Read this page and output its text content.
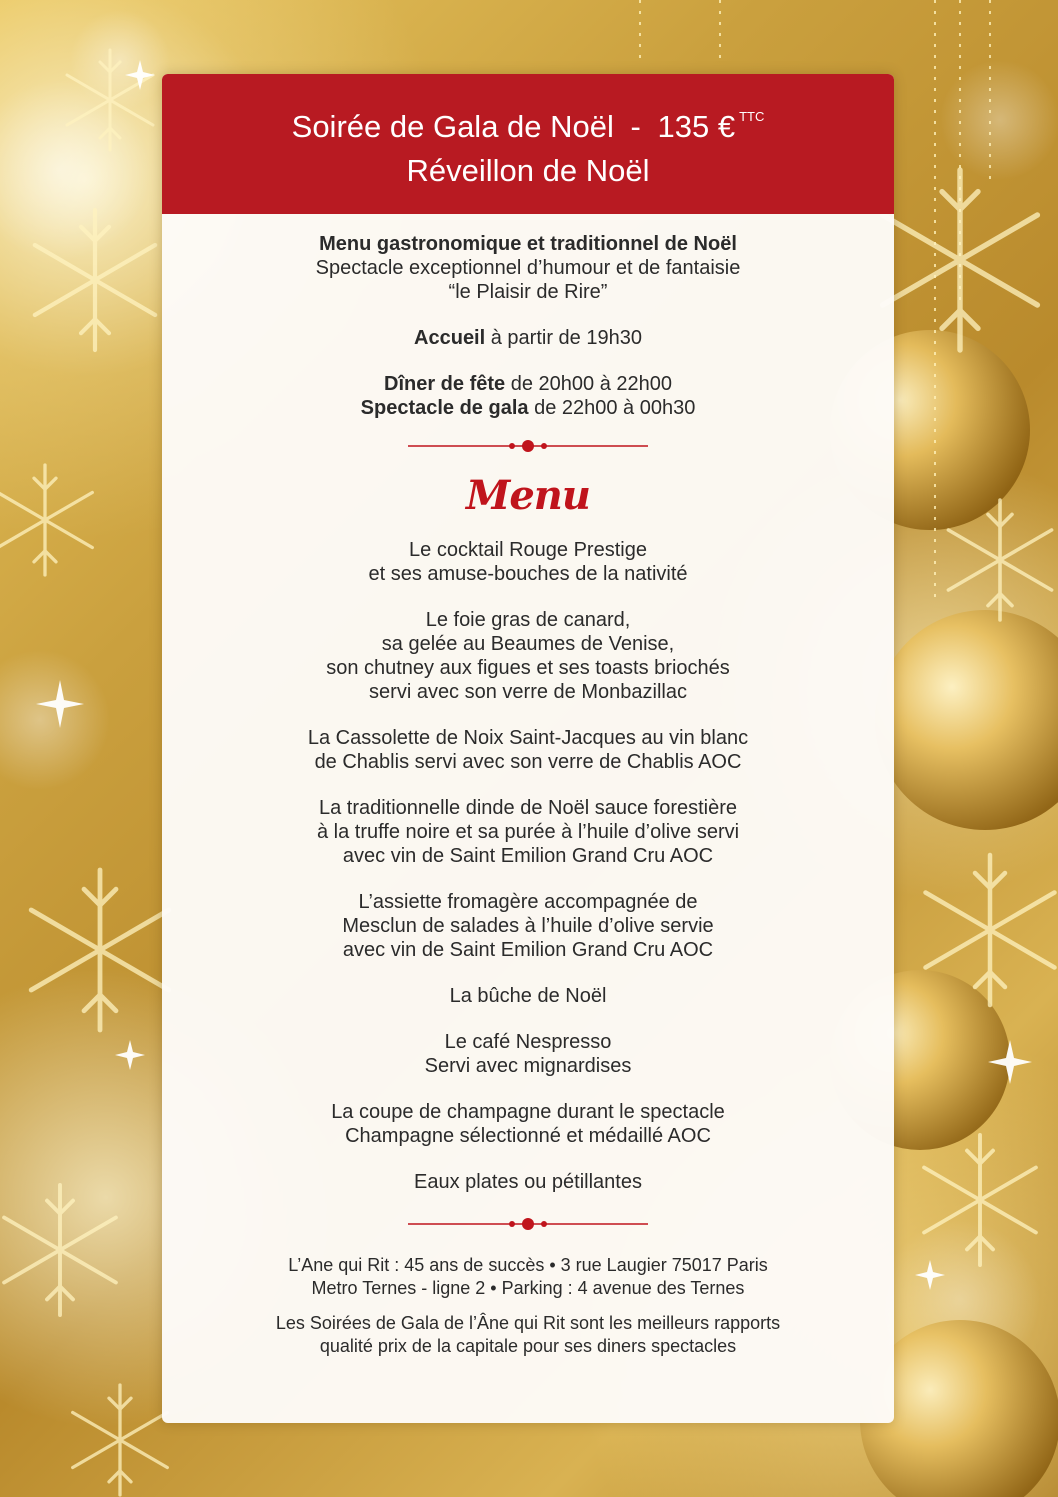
Soirée de Gala de Noël - 135 € $^{TTC}$
Réveillon de Noël

Menu gastronomique et traditionnel de Noël

Spectacle exceptionnel d’humour et de fantaisie

“le Plaisir de Rire”

Accueil à partir de 19h30

Dîner de fête de 20h00 à 22h00

Spectacle de gala de 22h00 à 00h30

Menu

Le cocktail Rouge Prestige

et ses amuse-bouches de la nativité

Le foie gras de canard,

sa gelée au Beaumes de Venise,

son chutney aux figues et ses toasts briochés

servi avec son verre de Monbazillac

La Cassolette de Noix Saint-Jacques au vin blanc

de Chablis servi avec son verre de Chablis AOC

La traditionnelle dinde de Noël sauce forestière

à la truffe noire et sa purée à l’huile d’olive servi

avec vin de Saint Emilion Grand Cru AOC

L’assiette fromagère accompagnée de

Mesclun de salades à l’huile d’olive servie

avec vin de Saint Emilion Grand Cru AOC

La bûche de Noël

Le café Nespresso

Servi avec mignardises

La coupe de champagne durant le spectacle

Champagne sélectionné et médaillé AOC

Eaux plates ou pétillantes

L’Ane qui Rit : 45 ans de succès • 3 rue Laugier 75017 Paris

Metro Ternes - ligne 2 • Parking : 4 avenue des Ternes

Les Soirées de Gala de l’Âne qui Rit sont les meilleurs rapports

qualité prix de la capitale pour ses diners spectacles
